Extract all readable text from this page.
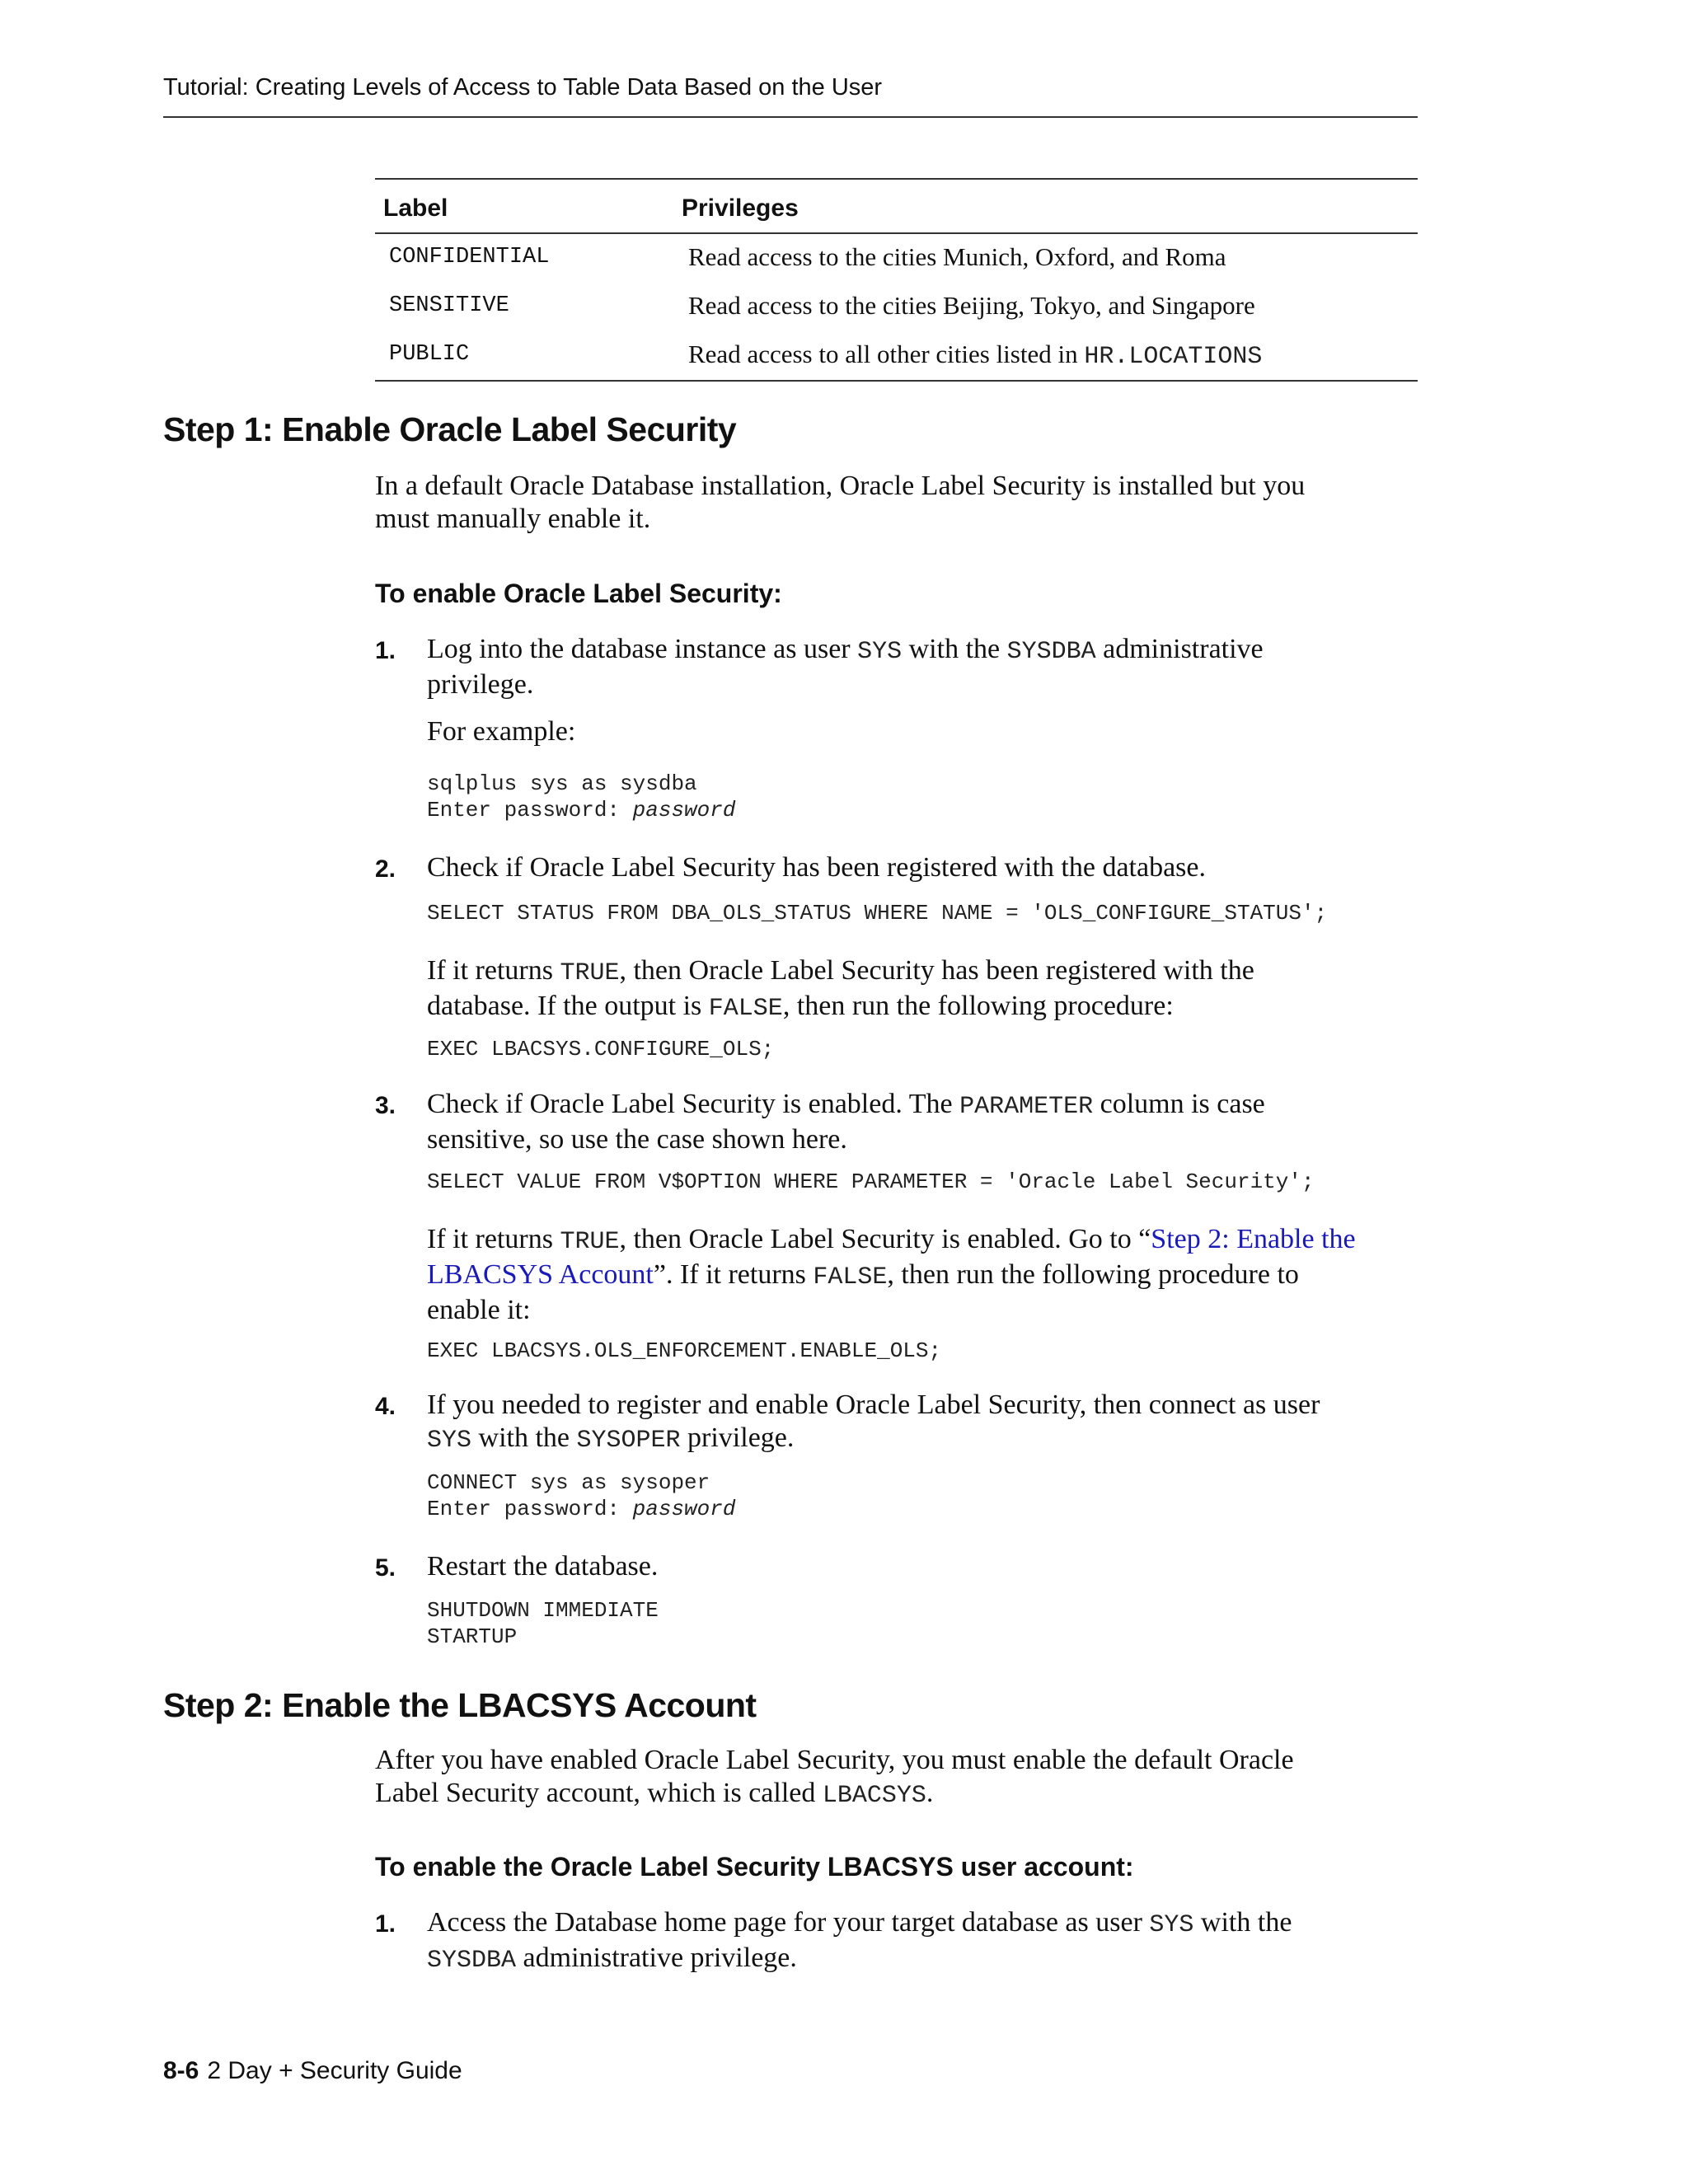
Tutorial: Creating Levels of Access to Table Data Based on the User
Label	Privileges
CONFIDENTIAL	Read access to the cities Munich, Oxford, and Roma
SENSITIVE	Read access to the cities Beijing, Tokyo, and Singapore
PUBLIC	Read access to all other cities listed in HR.LOCATIONS
Step 1: Enable Oracle Label Security
In a default Oracle Database installation, Oracle Label Security is installed but you
must manually enable it.
To enable Oracle Label Security:
1. Log into the database instance as user SYS with the SYSDBA administrative
privilege.
For example:
sqlplus sys as sysdba
Enter password: password
2. Check if Oracle Label Security has been registered with the database.
SELECT STATUS FROM DBA_OLS_STATUS WHERE NAME = 'OLS_CONFIGURE_STATUS';
If it returns TRUE, then Oracle Label Security has been registered with the
database. If the output is FALSE, then run the following procedure:
EXEC LBACSYS.CONFIGURE_OLS;
3. Check if Oracle Label Security is enabled. The PARAMETER column is case
sensitive, so use the case shown here.
SELECT VALUE FROM V$OPTION WHERE PARAMETER = 'Oracle Label Security';
If it returns TRUE, then Oracle Label Security is enabled. Go to “Step 2: Enable the
LBACSYS Account”. If it returns FALSE, then run the following procedure to
enable it:
EXEC LBACSYS.OLS_ENFORCEMENT.ENABLE_OLS;
4. If you needed to register and enable Oracle Label Security, then connect as user
SYS with the SYSOPER privilege.
CONNECT sys as sysoper
Enter password: password
5. Restart the database.
SHUTDOWN IMMEDIATE
STARTUP
Step 2: Enable the LBACSYS Account
After you have enabled Oracle Label Security, you must enable the default Oracle
Label Security account, which is called LBACSYS.
To enable the Oracle Label Security LBACSYS user account:
1. Access the Database home page for your target database as user SYS with the
SYSDBA administrative privilege.
8-6 2 Day + Security Guide
